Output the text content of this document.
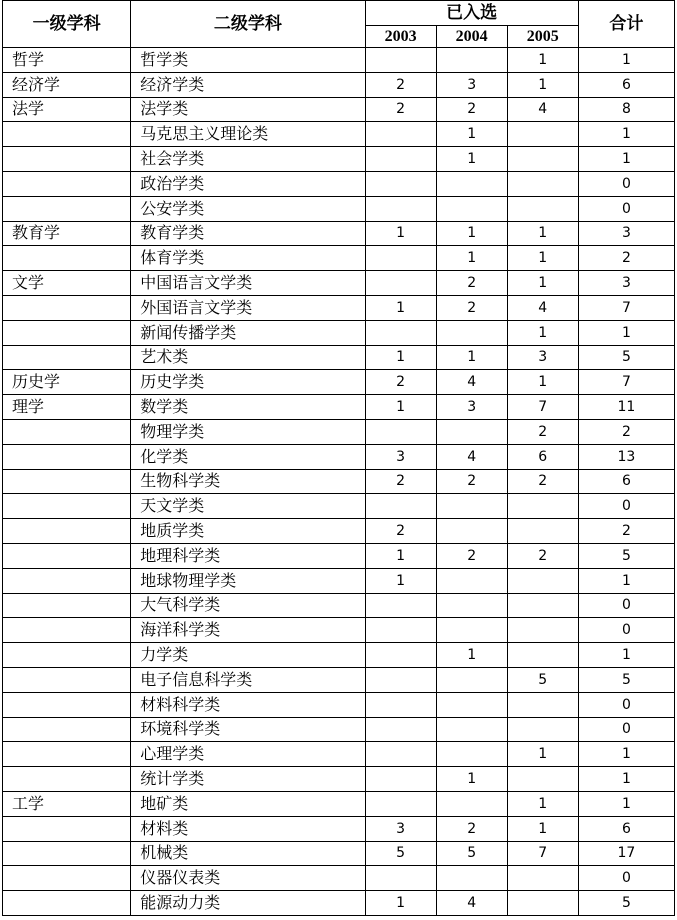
一级学科	二级学科	已入选			合计
		2003	2004	2005	
哲学	哲学类			1	1
经济学	经济学类	2	3	1	6
法学	法学类	2	2	4	8
	马克思主义理论类		1		1
	社会学类		1		1
	政治学类				0
	公安学类				0
教育学	教育学类	1	1	1	3
	体育学类		1	1	2
文学	中国语言文学类		2	1	3
	外国语言文学类	1	2	4	7
	新闻传播学类			1	1
	艺术类	1	1	3	5
历史学	历史学类	2	4	1	7
理学	数学类	1	3	7	11
	物理学类			2	2
	化学类	3	4	6	13
	生物科学类	2	2	2	6
	天文学类				0
	地质学类	2			2
	地理科学类	1	2	2	5
	地球物理学类	1			1
	大气科学类				0
	海洋科学类				0
	力学类		1		1
	电子信息科学类			5	5
	材料科学类				0
	环境科学类				0
	心理学类			1	1
	统计学类		1		1
工学	地矿类			1	1
	材料类	3	2	1	6
	机械类	5	5	7	17
	仪器仪表类				0
	能源动力类	1	4		5
